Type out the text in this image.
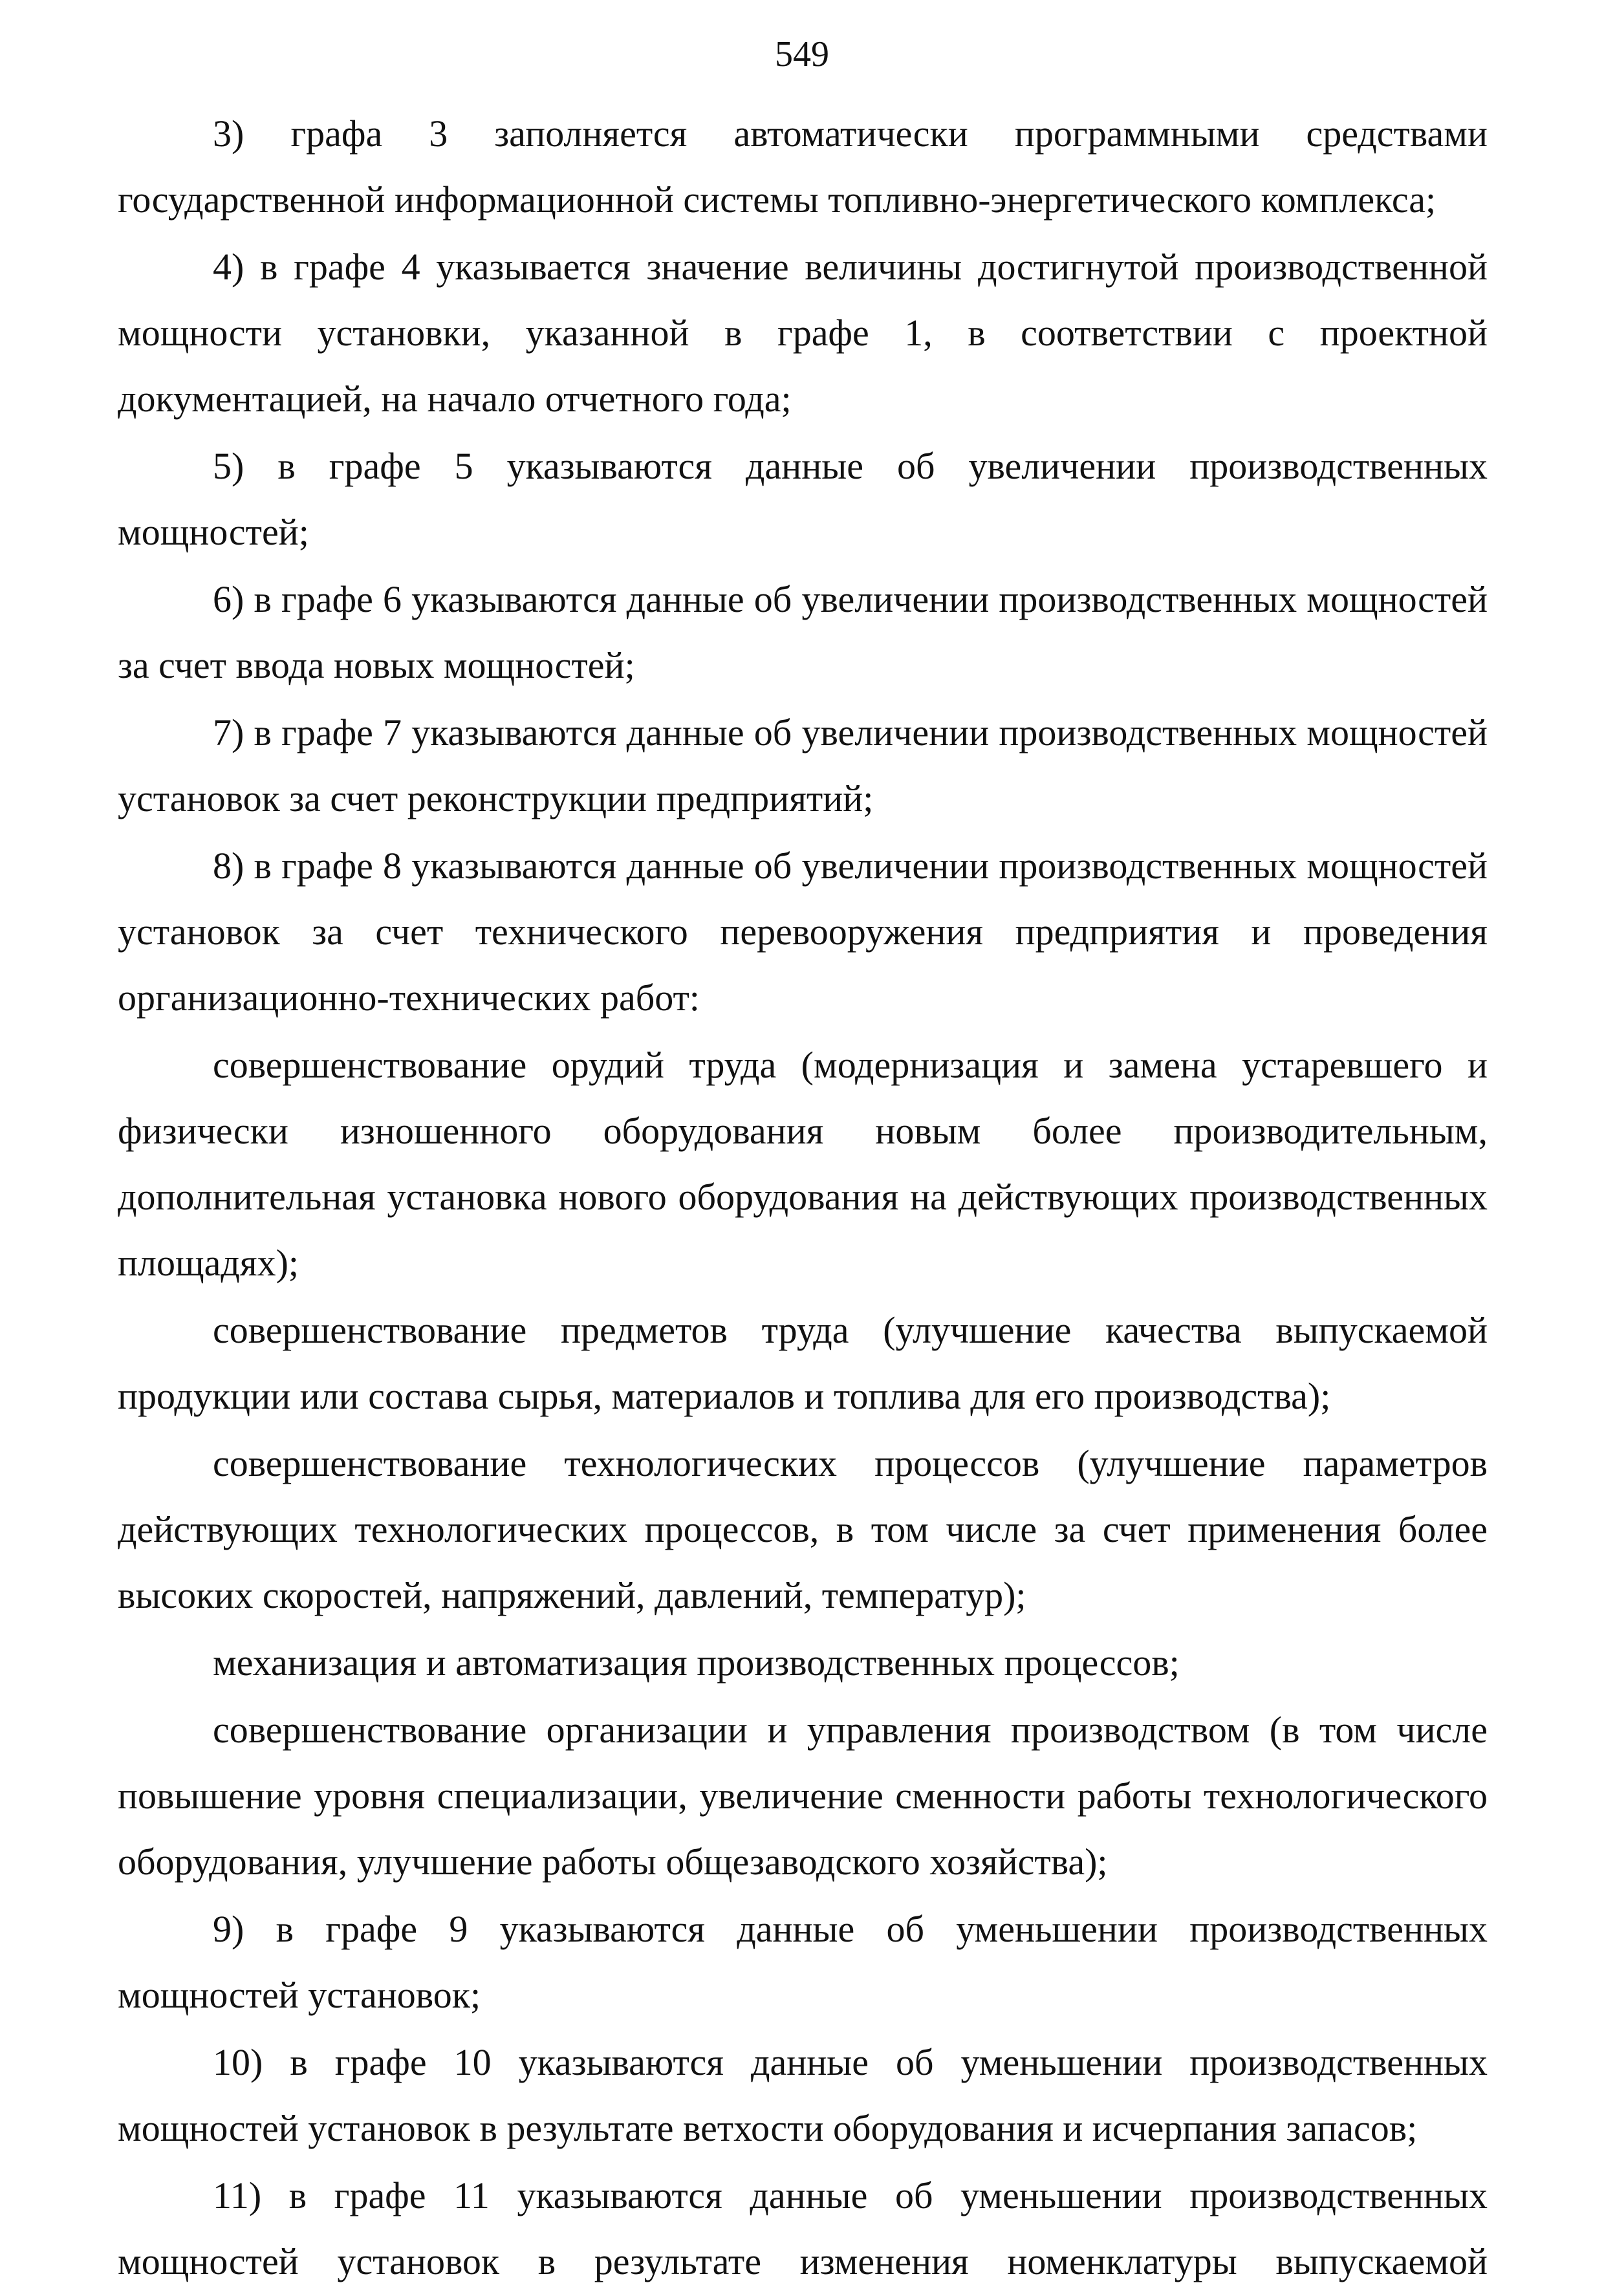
549

3) графа 3 заполняется автоматически программными средствами государственной информационной системы топливно-энергетического комплекса;

4) в графе 4 указывается значение величины достигнутой производственной мощности установки, указанной в графе 1, в соответствии с проектной документацией, на начало отчетного года;

5) в графе 5 указываются данные об увеличении производственных мощностей;

6) в графе 6 указываются данные об увеличении производственных мощностей за счет ввода новых мощностей;

7) в графе 7 указываются данные об увеличении производственных мощностей установок за счет реконструкции предприятий;

8) в графе 8 указываются данные об увеличении производственных мощностей установок за счет технического перевооружения предприятия и проведения организационно-технических работ:

совершенствование орудий труда (модернизация и замена устаревшего и физически изношенного оборудования новым более производительным, дополнительная установка нового оборудования на действующих производственных площадях);

совершенствование предметов труда (улучшение качества выпускаемой продукции или состава сырья, материалов и топлива для его производства);

совершенствование технологических процессов (улучшение параметров действующих технологических процессов, в том числе за счет применения более высоких скоростей, напряжений, давлений, температур);

механизация и автоматизация производственных процессов;

совершенствование организации и управления производством (в том числе повышение уровня специализации, увеличение сменности работы технологического оборудования, улучшение работы общезаводского хозяйства);

9) в графе 9 указываются данные об уменьшении производственных мощностей установок;

10) в графе 10 указываются данные об уменьшении производственных мощностей установок в результате ветхости оборудования и исчерпания запасов;

11) в графе 11 указываются данные об уменьшении производственных мощностей установок в результате изменения номенклатуры выпускаемой
